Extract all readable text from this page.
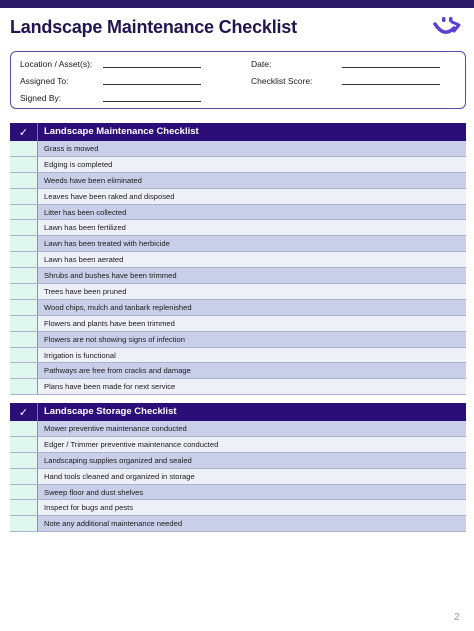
Landscape Maintenance Checklist
Location / Asset(s):	Date:
Assigned To:	Checklist Score:
Signed By:
✓	Landscape Maintenance Checklist
Grass is mowed
Edging is completed
Weeds have been eliminated
Leaves have been raked and disposed
Litter has been collected
Lawn has been fertilized
Lawn has been treated with herbicide
Lawn has been aerated
Shrubs and bushes have been trimmed
Trees have been pruned
Wood chips, mulch and tanbark replenished
Flowers and plants have been trimmed
Flowers are not showing signs of infection
Irrigation is functional
Pathways are free from cracks and damage
Plans have been made for next service
✓	Landscape Storage Checklist
Mower preventive maintenance conducted
Edger / Trimmer preventive maintenance conducted
Landscaping supplies organized and sealed
Hand tools cleaned and organized in storage
Sweep floor and dust shelves
Inspect for bugs and pests
Note any additional maintenance needed
2
